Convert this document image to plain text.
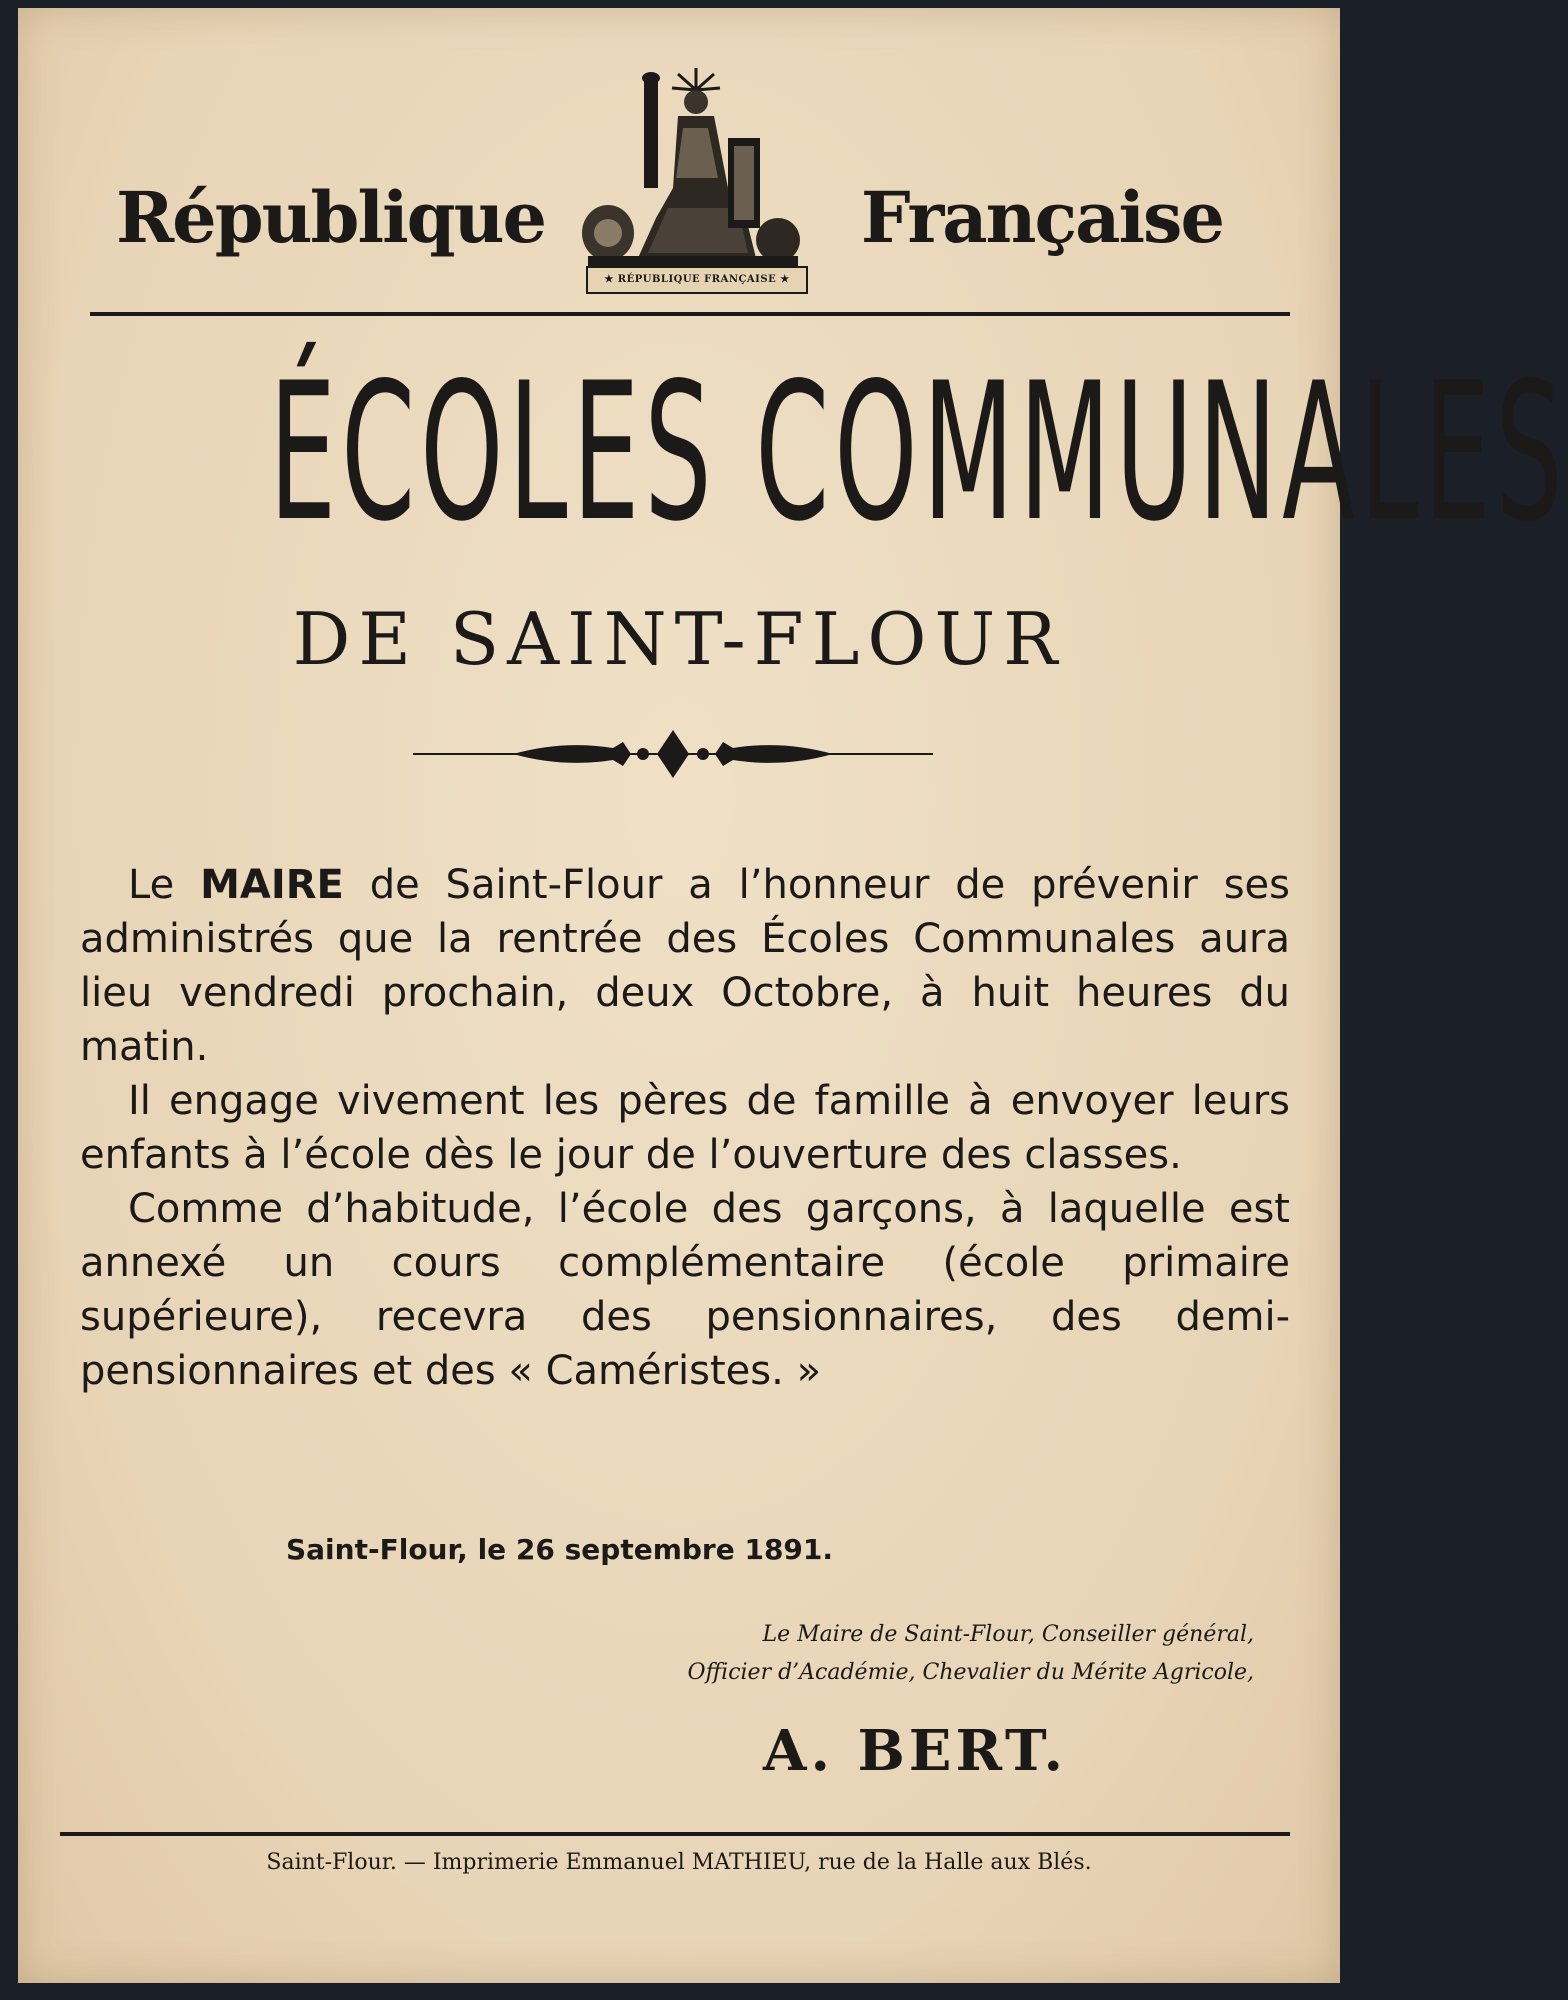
République
★ RÉPUBLIQUE FRANÇAISE ★
Française
ÉCOLES COMMUNALES
DE SAINT-FLOUR

Le MAIRE de Saint-Flour a l’honneur de prévenir ses administrés que la rentrée des Écoles Communales aura lieu vendredi prochain, deux Octobre, à huit heures du matin.

Il engage vivement les pères de famille à envoyer leurs enfants à l’école dès le jour de l’ouverture des classes.

Comme d’habitude, l’école des garçons, à laquelle est annexé un cours complémentaire (école primaire supérieure), recevra des pensionnaires, des demi-pensionnaires et des « Caméristes. »

Saint-Flour, le 26 septembre 1891.
Le Maire de Saint-Flour, Conseiller général,
Officier d’Académie, Chevalier du Mérite Agricole,
A. BERT.
Saint-Flour. — Imprimerie Emmanuel MATHIEU, rue de la Halle aux Blés.
